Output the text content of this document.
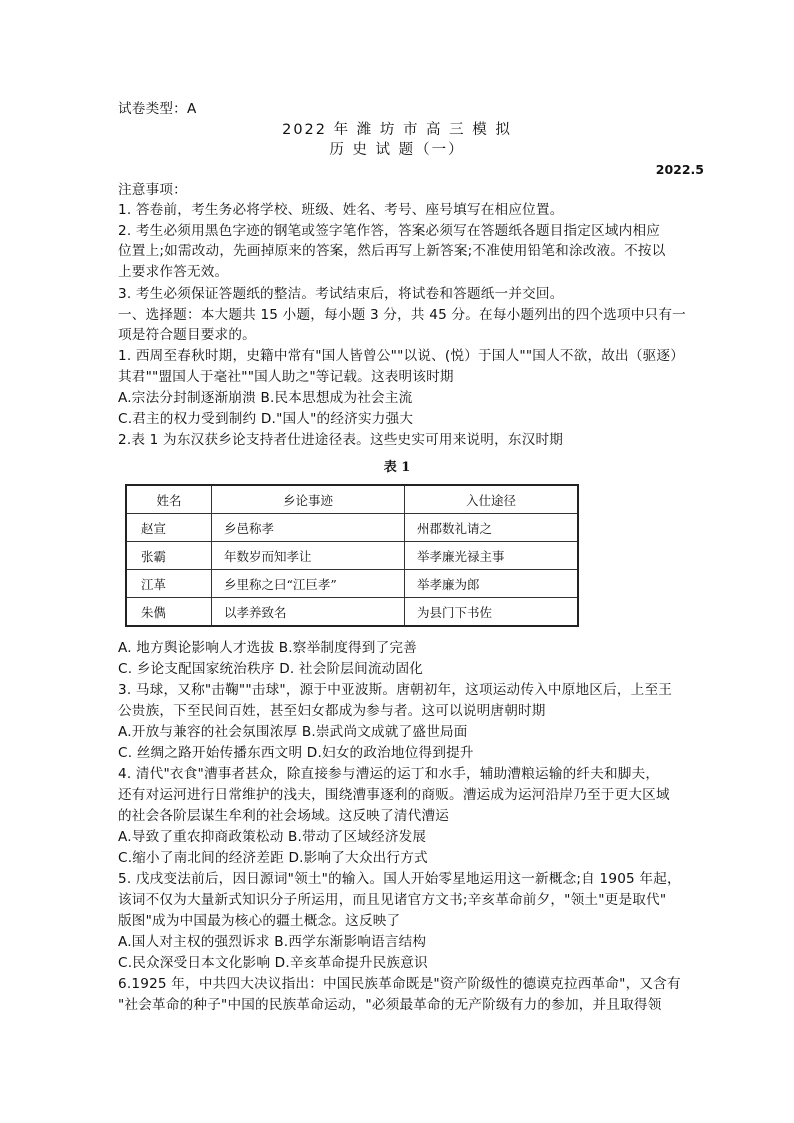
试卷类型：A
2022 年 潍 坊 市 高 三 模 拟
历 史 试 题（一）
2022.5
注意事项：
1. 答卷前，考生务必将学校、班级、姓名、考号、座号填写在相应位置。
2. 考生必须用黑色字迹的钢笔或签字笔作答，答案必须写在答题纸各题目指定区域内相应
位置上;如需改动，先画掉原来的答案，然后再写上新答案;不准使用铅笔和涂改液。不按以
上要求作答无效。
3. 考生必须保证答题纸的整洁。考试结束后，将试卷和答题纸一并交回。
一、选择题：本大题共 15 小题，每小题 3 分，共 45 分。在每小题列出的四个选项中只有一
项是符合题目要求的。
1. 西周至春秋时期，史籍中常有"国人皆曾公""以说、(悦）于国人""国人不欲，故出（驱逐）
其君""盟国人于毫社""国人助之"等记载。这表明该时期
A.宗法分封制逐渐崩溃 B.民本思想成为社会主流
C.君主的权力受到制约 D."国人"的经济实力强大
2.表 1 为东汉获乡论支持者仕进途径表。这些史实可用来说明，东汉时期
表 1
姓名	乡论事迹	入仕途径
赵宣	乡邑称孝	州郡数礼请之
张霸	年数岁而知孝让	举孝廉光禄主事
江革	乡里称之曰“江巨孝”	举孝廉为郎
朱儁	以孝养致名	为县门下书佐
A. 地方舆论影响人才选拔 B.察举制度得到了完善
C. 乡论支配国家统治秩序 D. 社会阶层间流动固化
3. 马球，又称"击鞠""击球"，源于中亚波斯。唐朝初年，这项运动传入中原地区后，上至王
公贵族，下至民间百姓，甚至妇女都成为参与者。这可以说明唐朝时期
A.开放与兼容的社会氛围浓厚 B.崇武尚文成就了盛世局面
C. 丝绸之路开始传播东西文明 D.妇女的政治地位得到提升
4. 清代"衣食"漕事者甚众，除直接参与漕运的运丁和水手，辅助漕粮运输的纤夫和脚夫，
还有对运河进行日常维护的浅夫，围绕漕事逐利的商贩。漕运成为运河沿岸乃至于更大区域
的社会各阶层谋生牟利的社会场域。这反映了清代漕运
A.导致了重农抑商政策松动 B.带动了区域经济发展
C.缩小了南北间的经济差距 D.影响了大众出行方式
5. 戊戌变法前后，因日源词"领土"的输入。国人开始零星地运用这一新概念;自 1905 年起，
该词不仅为大量新式知识分子所运用，而且见诸官方文书;辛亥革命前夕，"领土"更是取代"
版图"成为中国最为核心的疆土概念。这反映了
A.国人对主权的强烈诉求 B.西学东渐影响语言结构
C.民众深受日本文化影响 D.辛亥革命提升民族意识
6.1925 年，中共四大决议指出：中国民族革命既是"资产阶级性的德谟克拉西革命"，又含有
"社会革命的种子"中国的民族革命运动，"必须最革命的无产阶级有力的参加，并且取得领
